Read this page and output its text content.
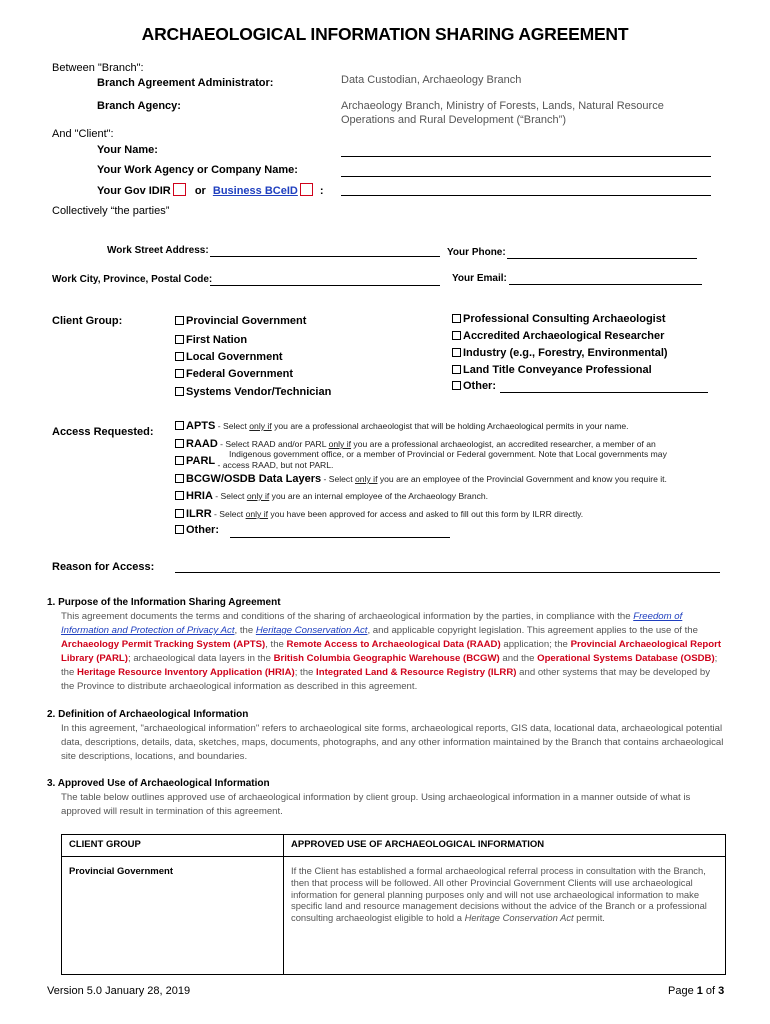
ARCHAEOLOGICAL INFORMATION SHARING AGREEMENT
Between "Branch":
Branch Agreement Administrator:	Data Custodian, Archaeology Branch
Branch Agency:	Archaeology Branch, Ministry of Forests, Lands, Natural Resource
Operations and Rural Development (“Branch”)
And "Client":
Your Name:
Your Work Agency or Company Name:
Your Gov IDIR or Business BCeID :
Collectively “the parties”
Work Street Address:	Your Phone:
Work City, Province, Postal Code:	Your Email:
Client Group:	Provincial Government
First Nation
Local Government
Federal Government
Systems Vendor/Technician
Professional Consulting Archaeologist
Accredited Archaeological Researcher
Industry (e.g., Forestry, Environmental)
Land Title Conveyance Professional
Other:
Access Requested:	APTS - Select only if you are a professional archaeologist that will be holding Archaeological permits in your name.
RAAD - Select RAAD and/or PARL only if you are a professional archaeologist, an accredited researcher, a member of an
Indigenous government office, or a member of Provincial or Federal government. Note that Local governments may
PARL $_{- access RAAD, but not PARL.}$
BCGW/OSDB Data Layers - Select only if you are an employee of the Provincial Government and know you require it.
HRIA - Select only if you are an internal employee of the Archaeology Branch.
ILRR - Select only if you have been approved for access and asked to fill out this form by ILRR directly.
Other:
Reason for Access:
1. Purpose of the Information Sharing Agreement
This agreement documents the terms and conditions of the sharing of archaeological information by the parties, in compliance with the Freedom of Information and Protection of Privacy Act, the Heritage Conservation Act, and applicable copyright legislation. This agreement applies to the use of the Archaeology Permit Tracking System (APTS), the Remote Access to Archaeological Data (RAAD) application; the Provincial Archaeological Report Library (PARL); archaeological data layers in the British Columbia Geographic Warehouse (BCGW) and the Operational Systems Database (OSDB); the Heritage Resource Inventory Application (HRIA); the Integrated Land & Resource Registry (ILRR) and other systems that may be developed by the Province to distribute archaeological information as described in this agreement.
2. Definition of Archaeological Information
In this agreement, "archaeological information" refers to archaeological site forms, archaeological reports, GIS data, locational data, archaeological potential data, descriptions, details, data, sketches, maps, documents, photographs, and any other information maintained by the Branch that contains archaeological site descriptions, locations, and boundaries.
3. Approved Use of Archaeological Information
The table below outlines approved use of archaeological information by client group. Using archaeological information in a manner outside of what is approved will result in termination of this agreement.
CLIENT GROUP	APPROVED USE OF ARCHAEOLOGICAL INFORMATION
Provincial Government	If the Client has established a formal archaeological referral process in consultation with the Branch, then that process will be followed. All other Provincial Government Clients will use archaeological information for general planning purposes only and will not use archaeological information to make specific land and resource management decisions without the advice of the Branch or a professional consulting archaeologist eligible to hold a Heritage Conservation Act permit.
Version 5.0 January 28, 2019	Page 1 of 3
